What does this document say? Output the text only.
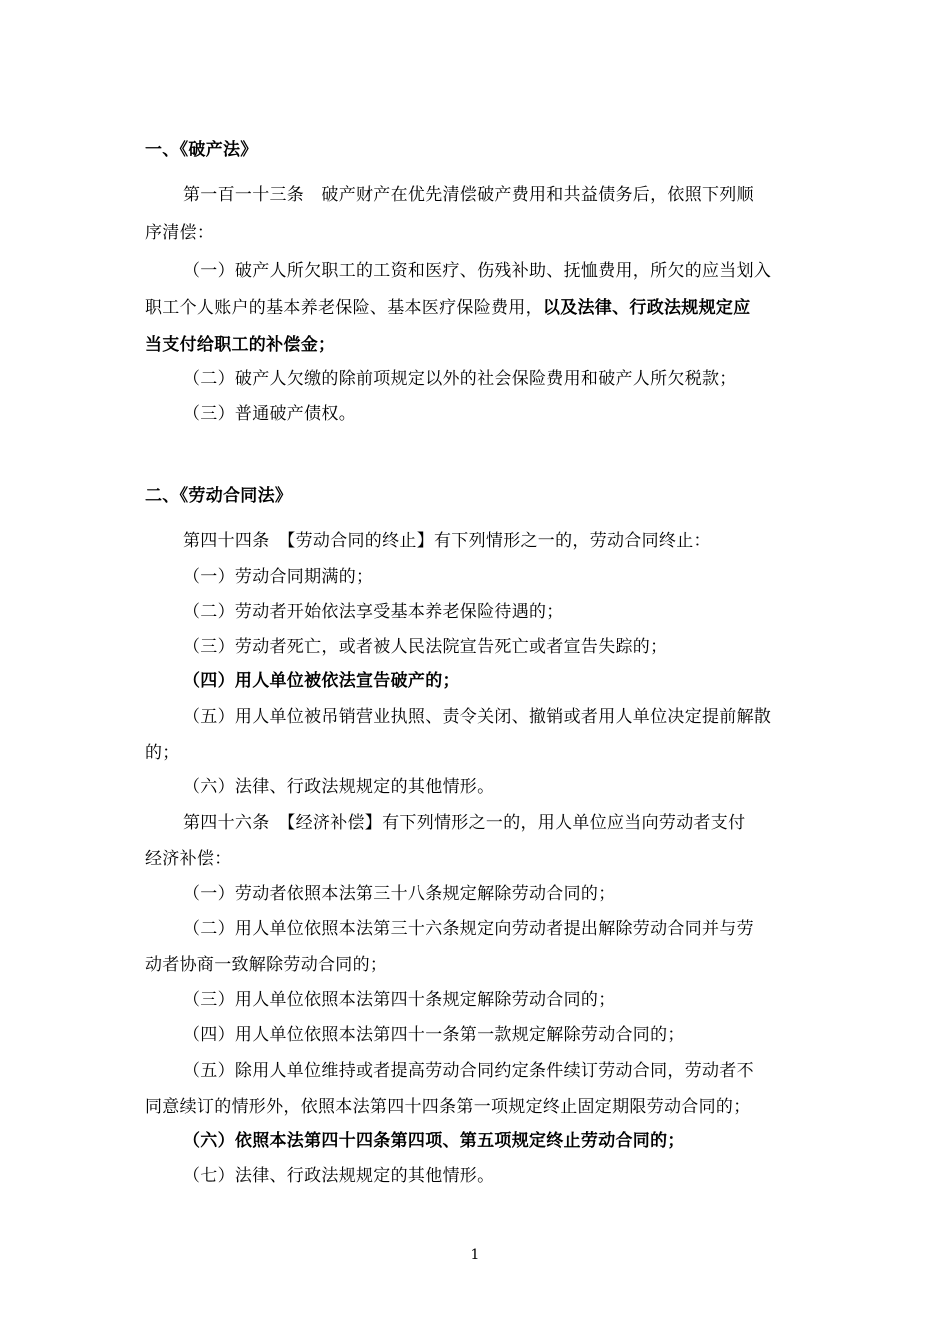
一、《破产法》
第一百一十三条　破产财产在优先清偿破产费用和共益债务后，依照下列顺
序清偿：
（一）破产人所欠职工的工资和医疗、伤残补助、抚恤费用，所欠的应当划入
职工个人账户的基本养老保险、基本医疗保险费用，以及法律、行政法规规定应
当支付给职工的补偿金；
（二）破产人欠缴的除前项规定以外的社会保险费用和破产人所欠税款；
（三）普通破产债权。
二、《劳动合同法》
第四十四条　【劳动合同的终止】有下列情形之一的，劳动合同终止：
（一）劳动合同期满的；
（二）劳动者开始依法享受基本养老保险待遇的；
（三）劳动者死亡，或者被人民法院宣告死亡或者宣告失踪的；
（四）用人单位被依法宣告破产的；
（五）用人单位被吊销营业执照、责令关闭、撤销或者用人单位决定提前解散
的；
（六）法律、行政法规规定的其他情形。
第四十六条　【经济补偿】有下列情形之一的，用人单位应当向劳动者支付
经济补偿：
（一）劳动者依照本法第三十八条规定解除劳动合同的；
（二）用人单位依照本法第三十六条规定向劳动者提出解除劳动合同并与劳
动者协商一致解除劳动合同的；
（三）用人单位依照本法第四十条规定解除劳动合同的；
（四）用人单位依照本法第四十一条第一款规定解除劳动合同的；
（五）除用人单位维持或者提高劳动合同约定条件续订劳动合同，劳动者不
同意续订的情形外，依照本法第四十四条第一项规定终止固定期限劳动合同的；
（六）依照本法第四十四条第四项、第五项规定终止劳动合同的；
（七）法律、行政法规规定的其他情形。
1
